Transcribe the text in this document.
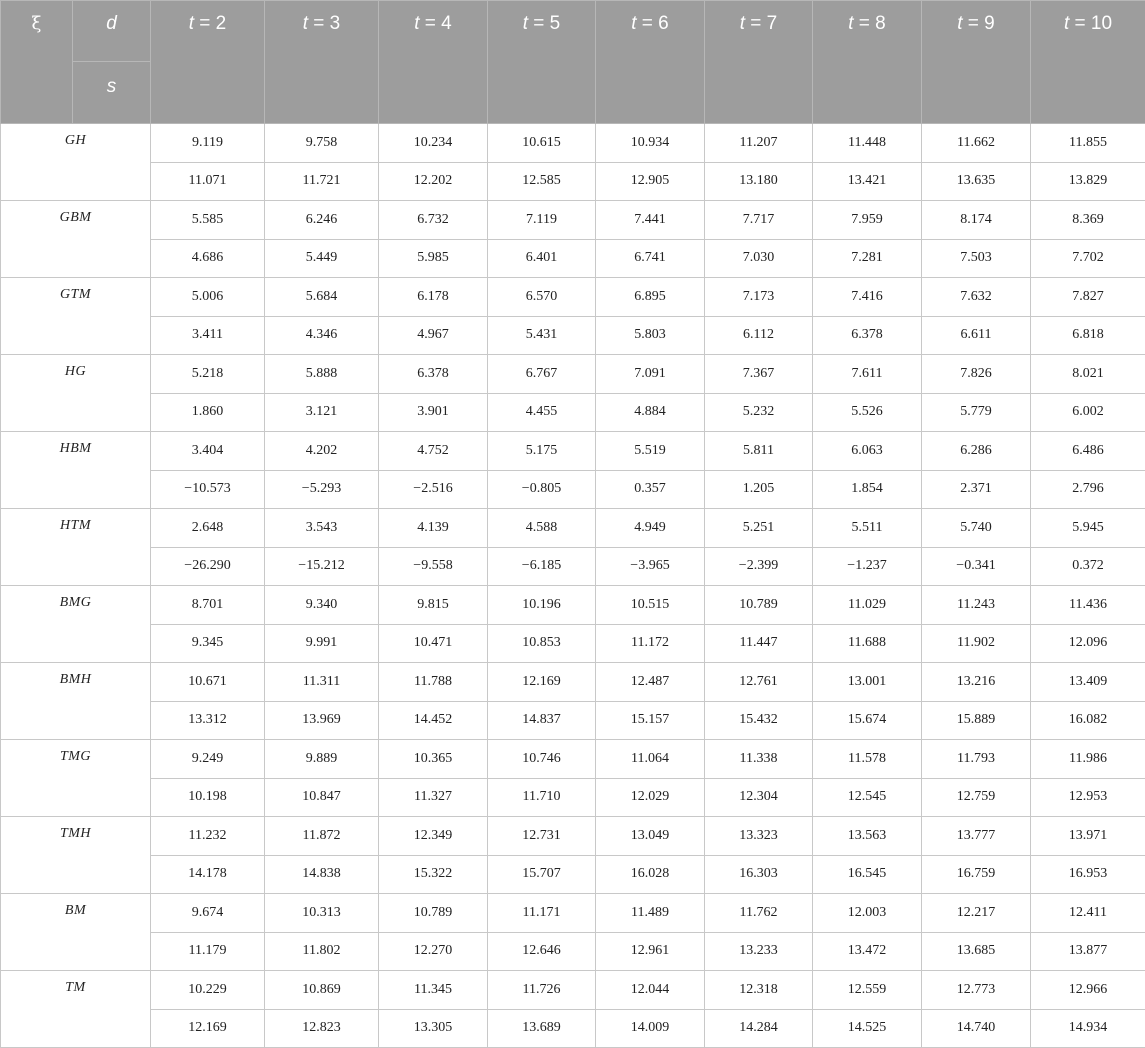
ξ	d	t = 2	t = 3	t = 4	t = 5	t = 6	t = 7	t = 8	t = 9	t = 10
	s									
GH		9.119	9.758	10.234	10.615	10.934	11.207	11.448	11.662	11.855
		11.071	11.721	12.202	12.585	12.905	13.180	13.421	13.635	13.829
GBM		5.585	6.246	6.732	7.119	7.441	7.717	7.959	8.174	8.369
		4.686	5.449	5.985	6.401	6.741	7.030	7.281	7.503	7.702
GTM		5.006	5.684	6.178	6.570	6.895	7.173	7.416	7.632	7.827
		3.411	4.346	4.967	5.431	5.803	6.112	6.378	6.611	6.818
HG		5.218	5.888	6.378	6.767	7.091	7.367	7.611	7.826	8.021
		1.860	3.121	3.901	4.455	4.884	5.232	5.526	5.779	6.002
HBM		3.404	4.202	4.752	5.175	5.519	5.811	6.063	6.286	6.486
		−10.573	−5.293	−2.516	−0.805	0.357	1.205	1.854	2.371	2.796
HTM		2.648	3.543	4.139	4.588	4.949	5.251	5.511	5.740	5.945
		−26.290	−15.212	−9.558	−6.185	−3.965	−2.399	−1.237	−0.341	0.372
BMG		8.701	9.340	9.815	10.196	10.515	10.789	11.029	11.243	11.436
		9.345	9.991	10.471	10.853	11.172	11.447	11.688	11.902	12.096
BMH		10.671	11.311	11.788	12.169	12.487	12.761	13.001	13.216	13.409
		13.312	13.969	14.452	14.837	15.157	15.432	15.674	15.889	16.082
TMG		9.249	9.889	10.365	10.746	11.064	11.338	11.578	11.793	11.986
		10.198	10.847	11.327	11.710	12.029	12.304	12.545	12.759	12.953
TMH		11.232	11.872	12.349	12.731	13.049	13.323	13.563	13.777	13.971
		14.178	14.838	15.322	15.707	16.028	16.303	16.545	16.759	16.953
BM		9.674	10.313	10.789	11.171	11.489	11.762	12.003	12.217	12.411
		11.179	11.802	12.270	12.646	12.961	13.233	13.472	13.685	13.877
TM		10.229	10.869	11.345	11.726	12.044	12.318	12.559	12.773	12.966
		12.169	12.823	13.305	13.689	14.009	14.284	14.525	14.740	14.934
